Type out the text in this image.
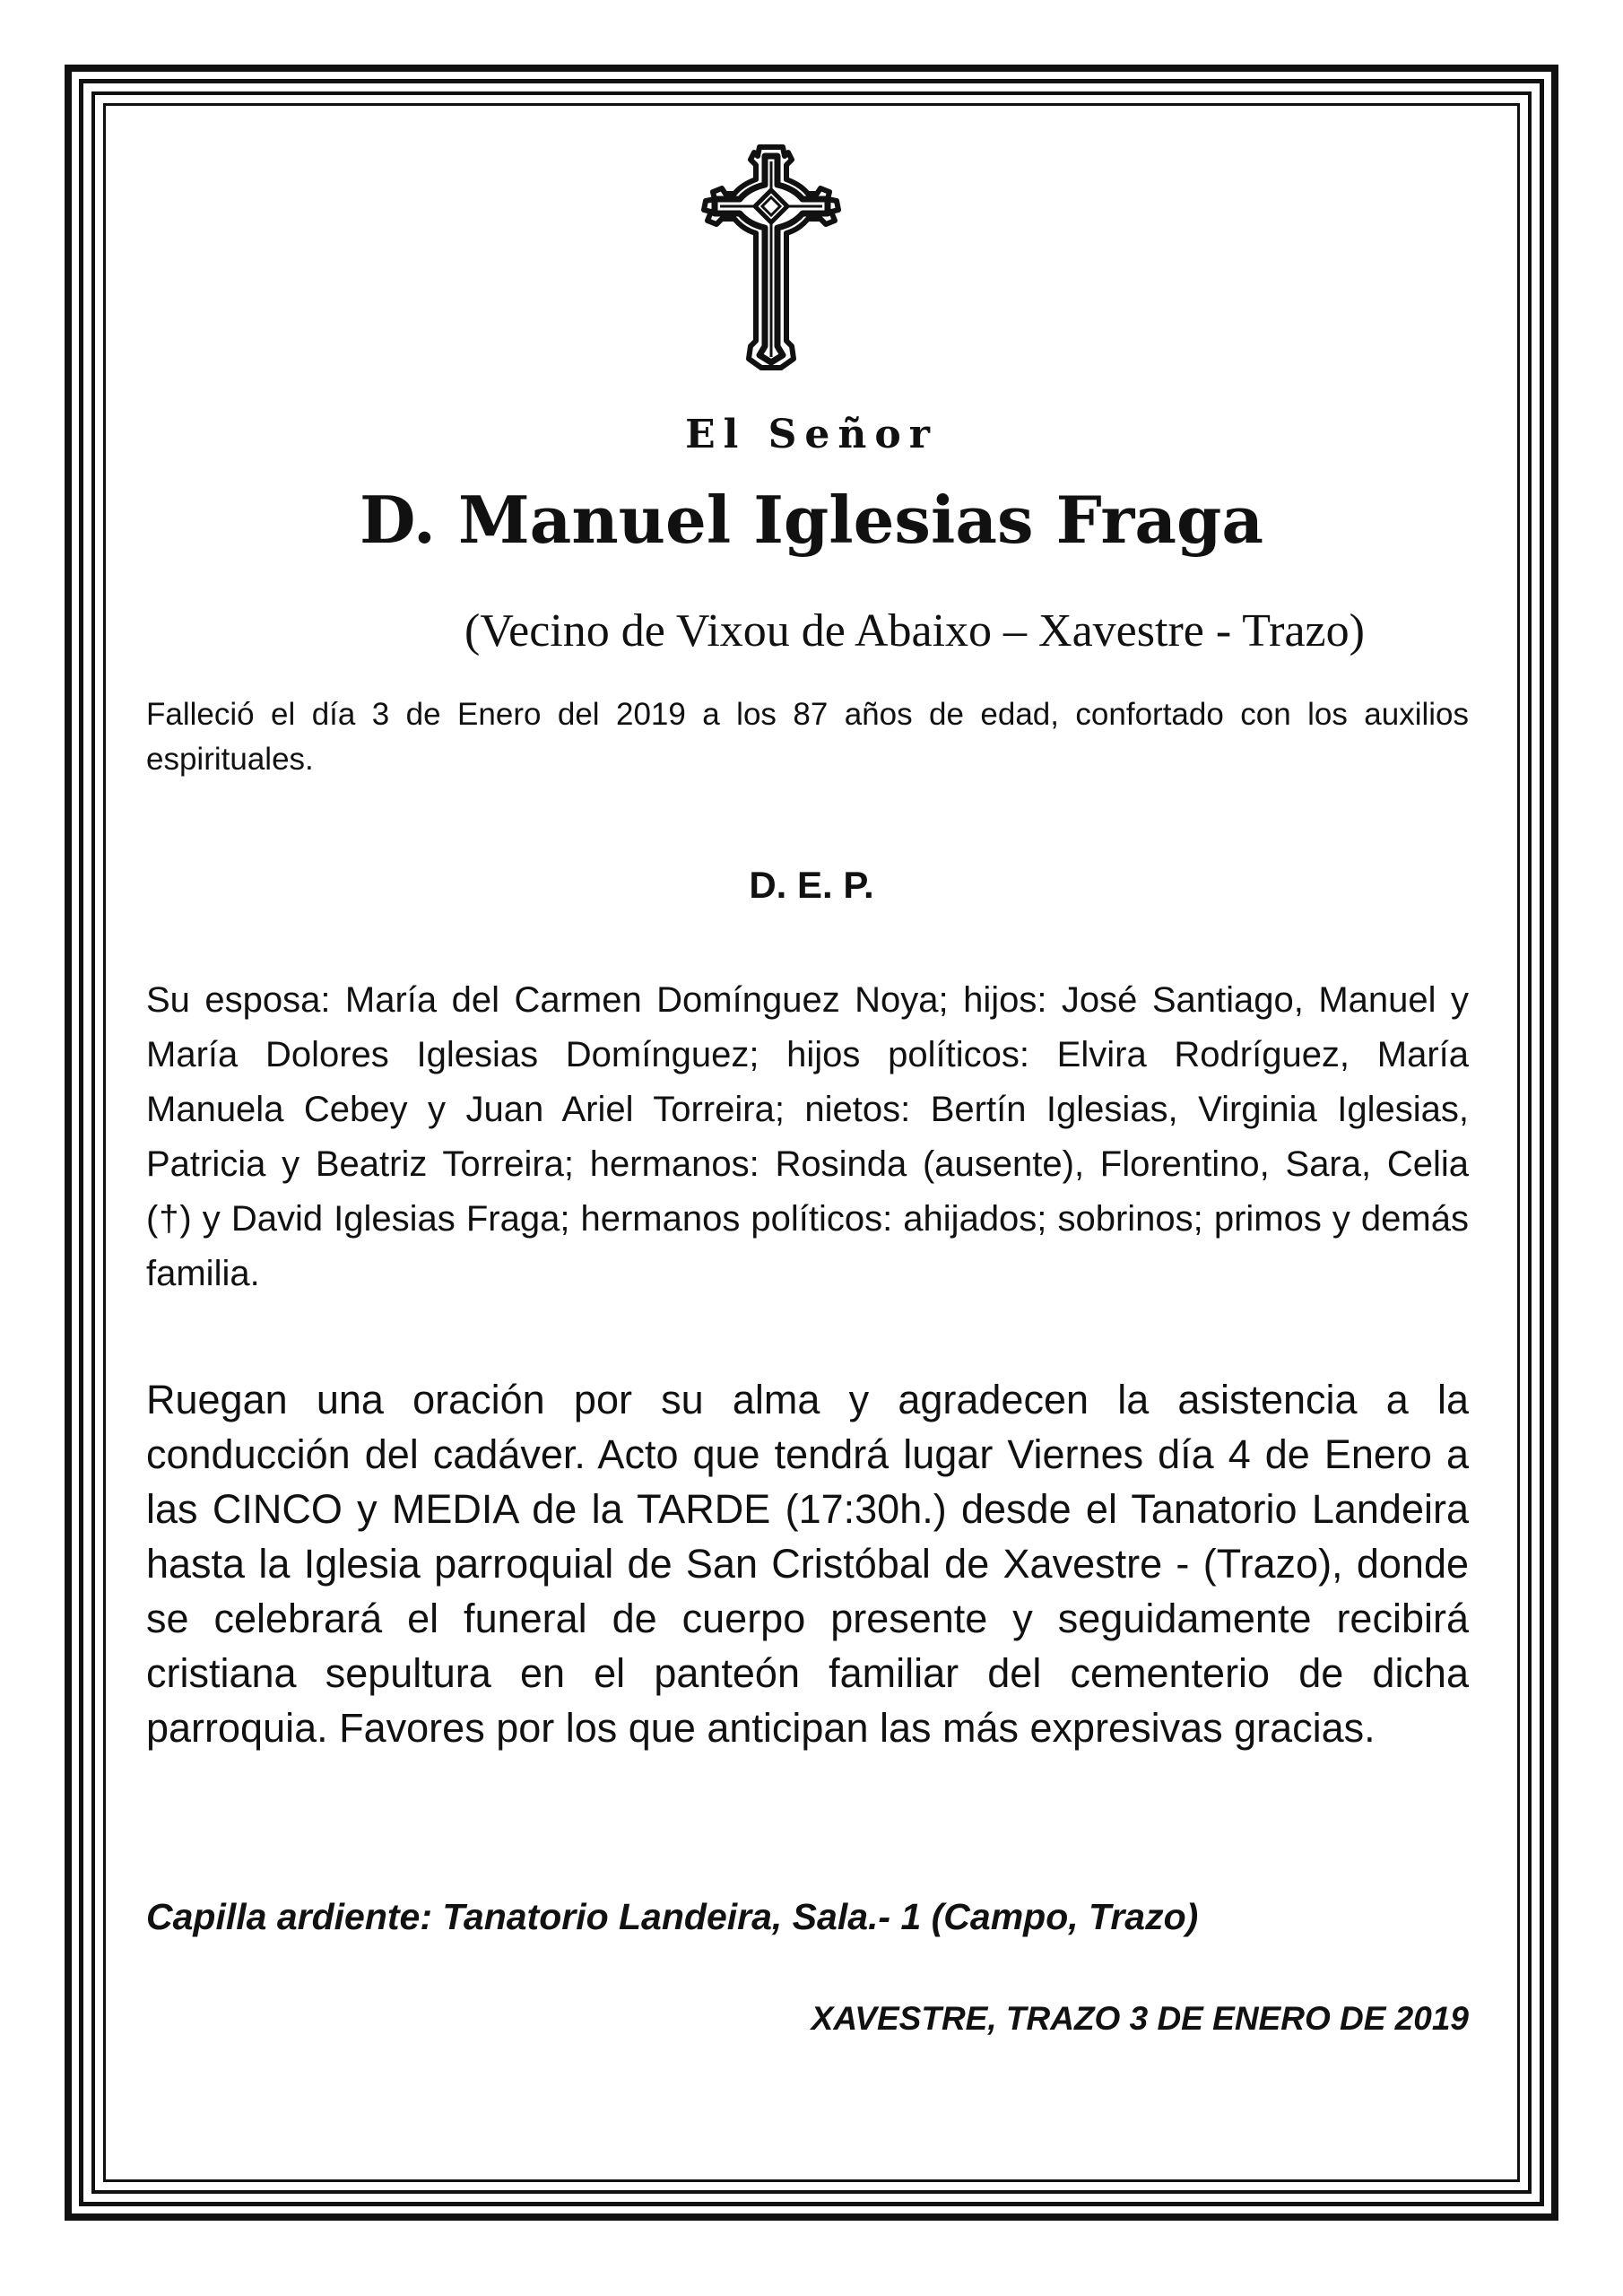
El Señor
D. Manuel Iglesias Fraga
(Vecino de Vixou de Abaixo – Xavestre - Trazo)
Falleció el día 3 de Enero del 2019 a los 87 años de edad, confortado con los auxilios espirituales.
D. E. P.
Su esposa: María del Carmen Domínguez Noya; hijos: José Santiago, Manuel y María Dolores Iglesias Domínguez; hijos políticos: Elvira Rodríguez, María Manuela Cebey y Juan Ariel Torreira; nietos: Bertín Iglesias, Virginia Iglesias, Patricia y Beatriz Torreira; hermanos: Rosinda (ausente), Florentino, Sara, Celia (†) y David Iglesias Fraga; hermanos políticos: ahijados; sobrinos; primos y demás familia.
Ruegan una oración por su alma y agradecen la asistencia a la conducción del cadáver. Acto que tendrá lugar Viernes día 4 de Enero a las CINCO y MEDIA de la TARDE (17:30h.) desde el Tanatorio Landeira hasta la Iglesia parroquial de San Cristóbal de Xavestre - (Trazo), donde se celebrará el funeral de cuerpo presente y seguidamente recibirá cristiana sepultura en el panteón familiar del cementerio de dicha parroquia. Favores por los que anticipan las más expresivas gracias.
Capilla ardiente: Tanatorio Landeira, Sala.- 1 (Campo, Trazo)
XAVESTRE, TRAZO 3 DE ENERO DE 2019
